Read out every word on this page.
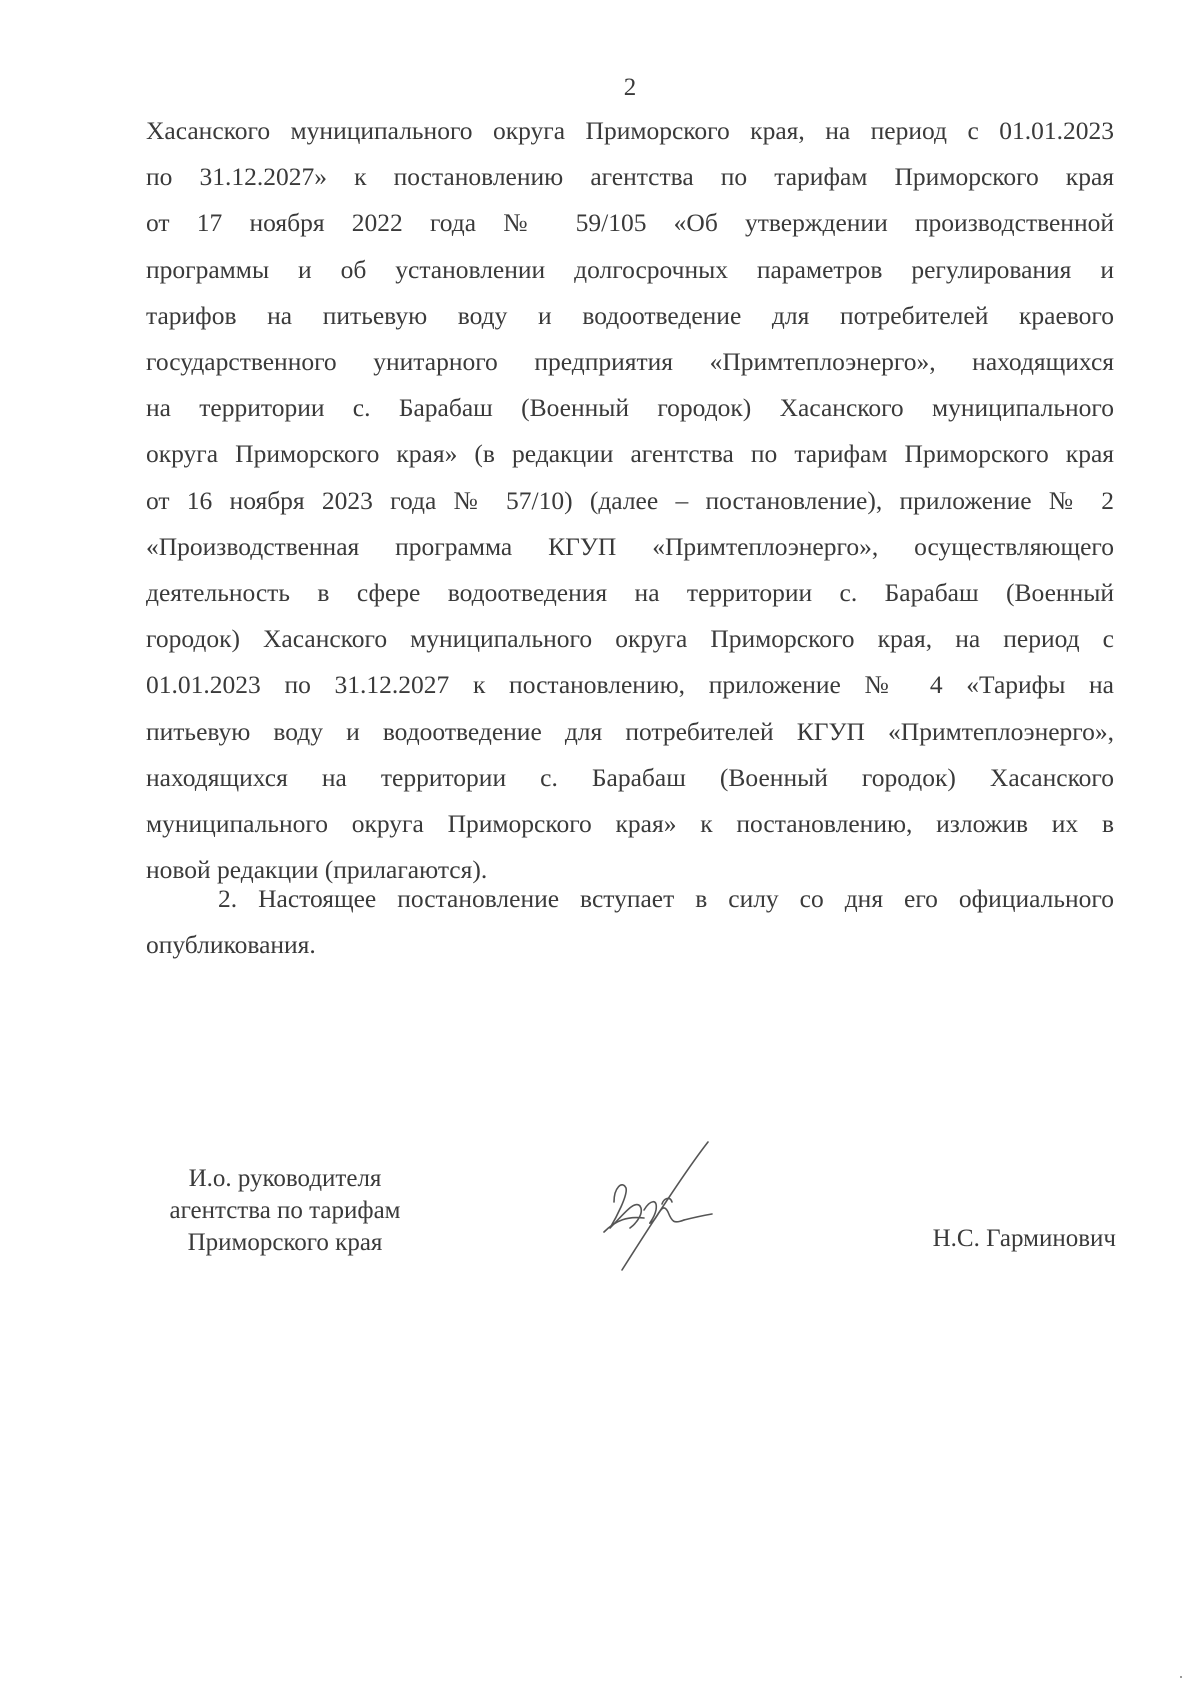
2
Хасанского муниципального округа Приморского края, на период с 01.01.2023
по 31.12.2027» к постановлению агентства по тарифам Приморского края
от 17 ноября 2022 года № 59/105 «Об утверждении производственной
программы и об установлении долгосрочных параметров регулирования и
тарифов на питьевую воду и водоотведение для потребителей краевого
государственного унитарного предприятия «Примтеплоэнерго», находящихся
на территории с. Барабаш (Военный городок) Хасанского муниципального
округа Приморского края» (в редакции агентства по тарифам Приморского края
от 16 ноября 2023 года № 57/10) (далее – постановление), приложение № 2
«Производственная программа КГУП «Примтеплоэнерго», осуществляющего
деятельность в сфере водоотведения на территории с. Барабаш (Военный
городок) Хасанского муниципального округа Приморского края, на период с
01.01.2023 по 31.12.2027 к постановлению, приложение № 4 «Тарифы на
питьевую воду и водоотведение для потребителей КГУП «Примтеплоэнерго»,
находящихся на территории с. Барабаш (Военный городок) Хасанского
муниципального округа Приморского края» к постановлению, изложив их в
новой редакции (прилагаются).
2. Настоящее постановление вступает в силу со дня его официального
опубликования.
И.о. руководителя
агентства по тарифам
Приморского края	Н.С. Гарминович
